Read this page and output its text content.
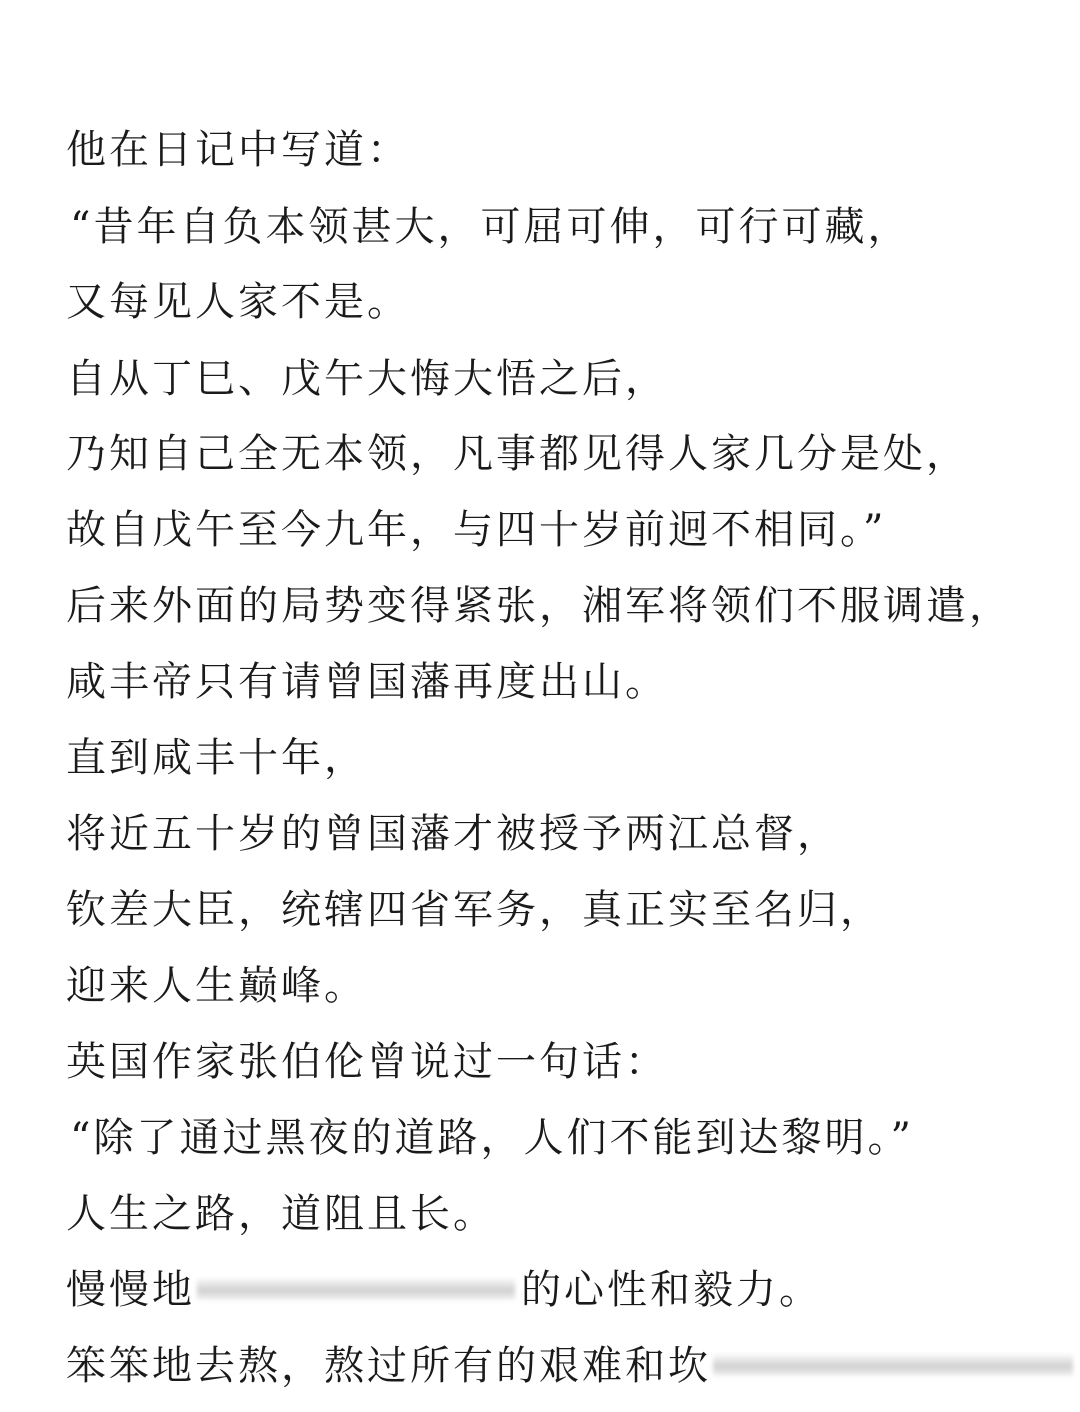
他在日记中写道：
“昔年自负本领甚大，可屈可伸，可行可藏，
又每见人家不是。
自从丁巳、戊午大悔大悟之后，
乃知自己全无本领，凡事都见得人家几分是处，
故自戊午至今九年，与四十岁前迥不相同。”
后来外面的局势变得紧张，湘军将领们不服调遣，
咸丰帝只有请曾国藩再度出山。
直到咸丰十年，
将近五十岁的曾国藩才被授予两江总督，
钦差大臣，统辖四省军务，真正实至名归，
迎来人生巅峰。
英国作家张伯伦曾说过一句话：
“除了通过黑夜的道路，人们不能到达黎明。”
人生之路，道阻且长。
慢慢地	的心性和毅力。
笨笨地去熬，熬过所有的艰难和坎
